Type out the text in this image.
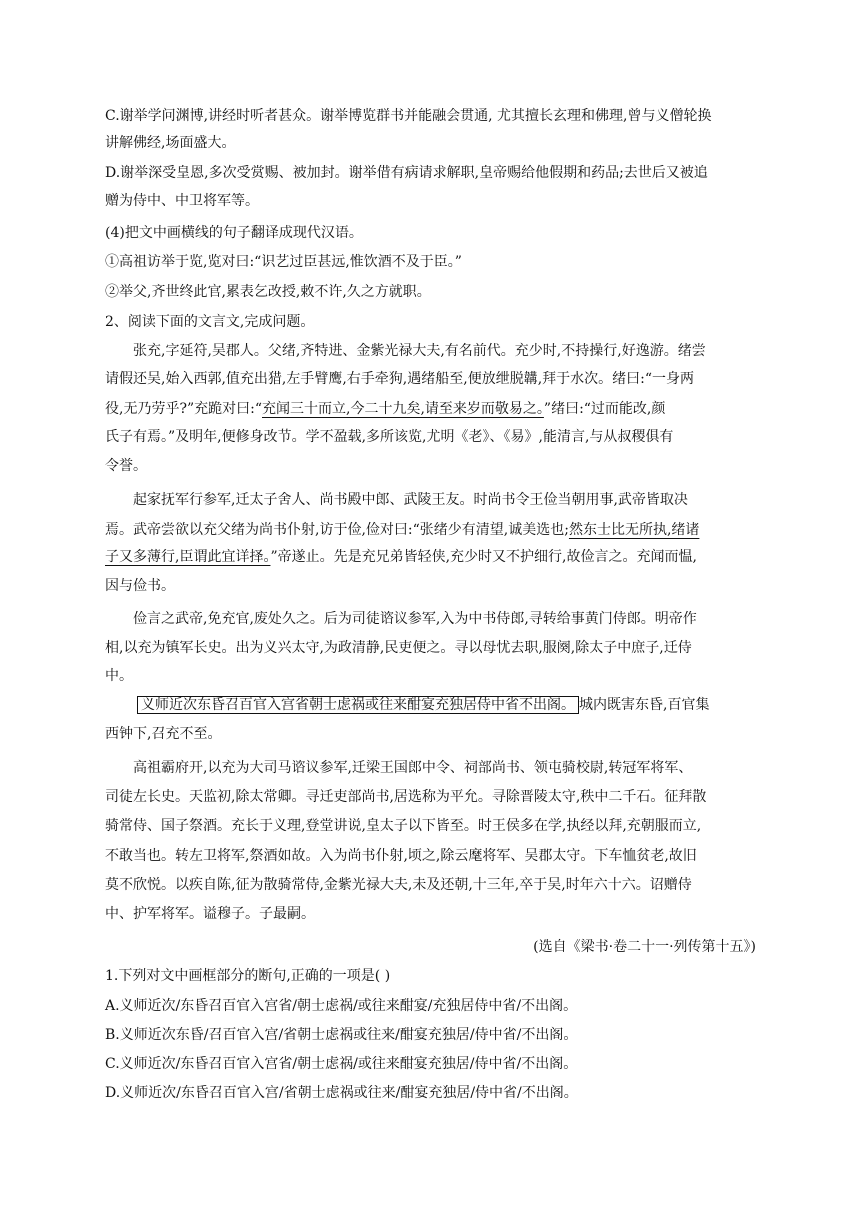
C.谢举学问渊博,讲经时听者甚众。谢举博览群书并能融会贯通, 尤其擅长玄理和佛理,曾与义僧轮换
讲解佛经,场面盛大。
D.谢举深受皇恩,多次受赏赐、被加封。谢举借有病请求解职,皇帝赐给他假期和药品;去世后又被追
赠为侍中、中卫将军等。
(4)把文中画横线的句子翻译成现代汉语。
①高祖访举于览,览对曰:“识艺过臣甚远,惟饮酒不及于臣。”
②举父,齐世终此官,累表乞改授,敕不许,久之方就职。
2、阅读下面的文言文,完成问题。
张充,字延符,吴郡人。父绪,齐特进、金紫光禄大夫,有名前代。充少时,不持操行,好逸游。绪尝
请假还吴,始入西郭,值充出猎,左手臂鹰,右手牵狗,遇绪船至,便放绁脱韝,拜于水次。绪曰:“一身两
役,无乃劳乎?”充跪对曰:“充闻三十而立,今二十九矣,请至来岁而敬易之。”绪曰:“过而能改,颜
氏子有焉。”及明年,便修身改节。学不盈载,多所该览,尤明《老》、《易》,能清言,与从叔稷俱有
令誉。
起家抚军行参军,迁太子舍人、尚书殿中郎、武陵王友。时尚书令王俭当朝用事,武帝皆取决
焉。武帝尝欲以充父绪为尚书仆射,访于俭,俭对曰:“张绪少有清望,诚美选也;然东士比无所执,绪诸
子又多薄行,臣谓此宜详择。”帝遂止。先是充兄弟皆轻侠,充少时又不护细行,故俭言之。充闻而愠,
因与俭书。
俭言之武帝,免充官,废处久之。后为司徒谘议参军,入为中书侍郎,寻转给事黄门侍郎。明帝作
相,以充为镇军长史。出为义兴太守,为政清静,民吏便之。寻以母忧去职,服阕,除太子中庶子,迁侍
中。
义师近次东昏召百官入宫省朝士虑祸或往来酣宴充独居侍中省不出阁。 城内既害东昏,百官集
西钟下,召充不至。
高祖霸府开,以充为大司马谘议参军,迁梁王国郎中令、祠部尚书、领屯骑校尉,转冠军将军、
司徒左长史。天监初,除太常卿。寻迁吏部尚书,居选称为平允。寻除晋陵太守,秩中二千石。征拜散
骑常侍、国子祭酒。充长于义理,登堂讲说,皇太子以下皆至。时王侯多在学,执经以拜,充朝服而立,
不敢当也。转左卫将军,祭酒如故。入为尚书仆射,顷之,除云麾将军、吴郡太守。下车恤贫老,故旧
莫不欣悦。以疾自陈,征为散骑常侍,金紫光禄大夫,未及还朝,十三年,卒于吴,时年六十六。诏赠侍
中、护军将军。谥穆子。子最嗣。
(选自《梁书·卷二十一·列传第十五》)
1.下列对文中画框部分的断句,正确的一项是( )
A.义师近次/东昏召百官入宫省/朝士虑祸/或往来酣宴/充独居侍中省/不出阁。
B.义师近次东昏/召百官入宫/省朝士虑祸或往来/酣宴充独居/侍中省/不出阁。
C.义师近次/东昏召百官入宫省/朝士虑祸/或往来酣宴充独居/侍中省/不出阁。
D.义师近次/东昏召百官入宫/省朝士虑祸或往来/酣宴充独居/侍中省/不出阁。
